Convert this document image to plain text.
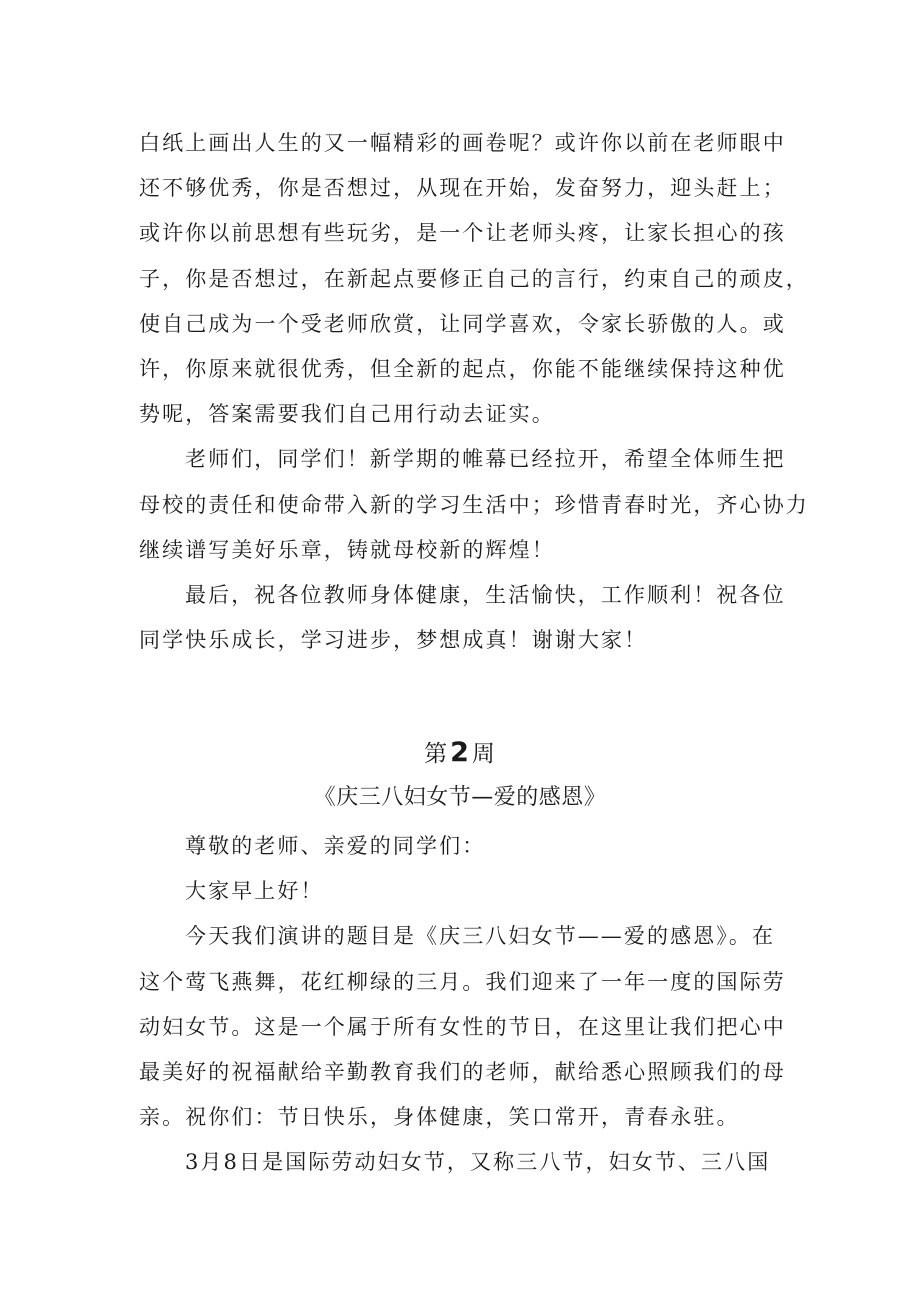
白纸上画出人生的又一幅精彩的画卷呢？或许你以前在老师眼中

还不够优秀，你是否想过，从现在开始，发奋努力，迎头赶上；

或许你以前思想有些玩劣，是一个让老师头疼，让家长担心的孩

子，你是否想过，在新起点要修正自己的言行，约束自己的顽皮，

使自己成为一个受老师欣赏，让同学喜欢，令家长骄傲的人。或

许，你原来就很优秀，但全新的起点，你能不能继续保持这种优

势呢，答案需要我们自己用行动去证实。

老师们，同学们！新学期的帷幕已经拉开，希望全体师生把

母校的责任和使命带入新的学习生活中；珍惜青春时光，齐心协力

继续谱写美好乐章，铸就母校新的辉煌！

最后，祝各位教师身体健康，生活愉快，工作顺利！祝各位

同学快乐成长，学习进步，梦想成真！谢谢大家！

第2周
《庆三八妇女节—爱的感恩》

尊敬的老师、亲爱的同学们：

大家早上好！

今天我们演讲的题目是《庆三八妇女节——爱的感恩》。在

这个莺飞燕舞，花红柳绿的三月。我们迎来了一年一度的国际劳

动妇女节。这是一个属于所有女性的节日，在这里让我们把心中

最美好的祝福献给辛勤教育我们的老师，献给悉心照顾我们的母

亲。祝你们：节日快乐，身体健康，笑口常开，青春永驻。

3月8日是国际劳动妇女节，又称三八节，妇女节、三八国
